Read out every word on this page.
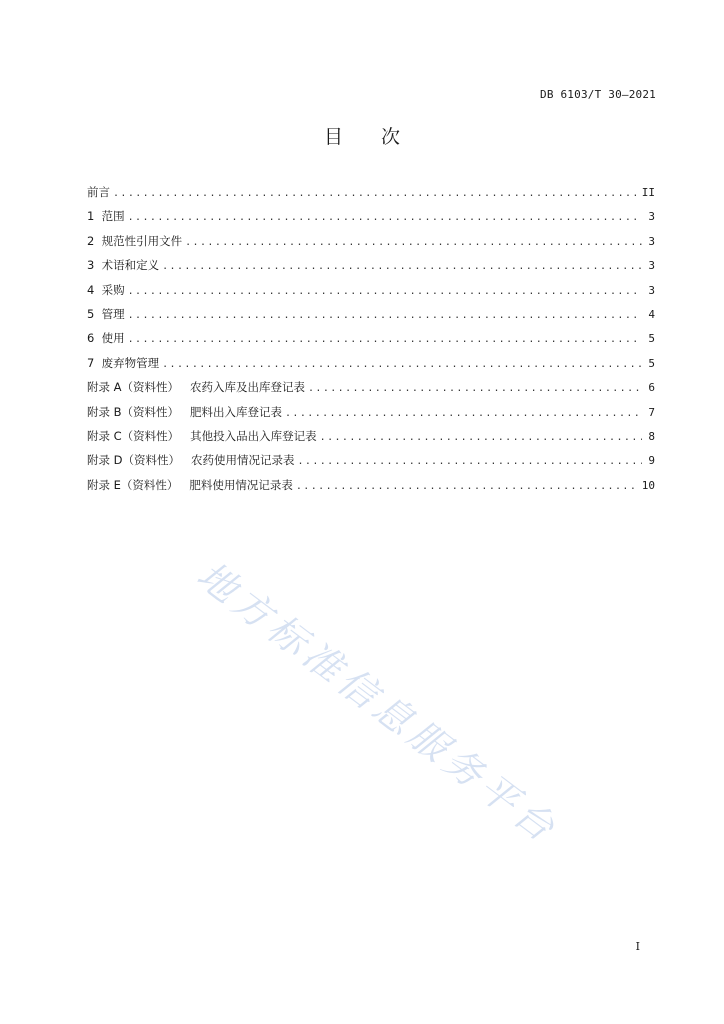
DB 6103/T 30—2021
目 次
前言 .....	II
1  范围 .....	3
2  规范性引用文件 .....	3
3  术语和定义 .....	3
4  采购 .....	3
5  管理 .....	4
6  使用 .....	5
7  废弃物管理 .....	5
附录 A（资料性）   农药入库及出库登记表 .....	6
附录 B（资料性）   肥料出入库登记表 .....	7
附录 C（资料性）   其他投入品出入库登记表 .....	8
附录 D（资料性）   农药使用情况记录表 .....	9
附录 E（资料性）   肥料使用情况记录表 .....	10
地方标准信息服务平台
I
